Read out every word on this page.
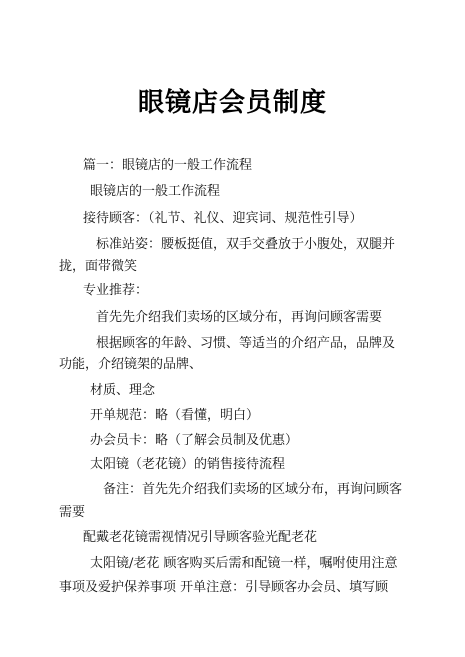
眼镜店会员制度
篇一：眼镜店的一般工作流程
眼镜店的一般工作流程
接待顾客：（礼节、礼仪、迎宾词、规范性引导）
标准站姿：腰板挺值，双手交叠放于小腹处，双腿并
拢，面带微笑
专业推荐：
首先先介绍我们卖场的区域分布，再询问顾客需要
根据顾客的年龄、习惯、等适当的介绍产品，品牌及
功能，介绍镜架的品牌、
材质、理念
开单规范：略（看懂，明白）
办会员卡：略（了解会员制及优惠）
太阳镜（老花镜）的销售接待流程
备注：首先先介绍我们卖场的区域分布，再询问顾客
需要
配戴老花镜需视情况引导顾客验光配老花
太阳镜/老花 顾客购买后需和配镜一样，嘱咐使用注意
事项及爱护保养事项 开单注意：引导顾客办会员、填写顾
